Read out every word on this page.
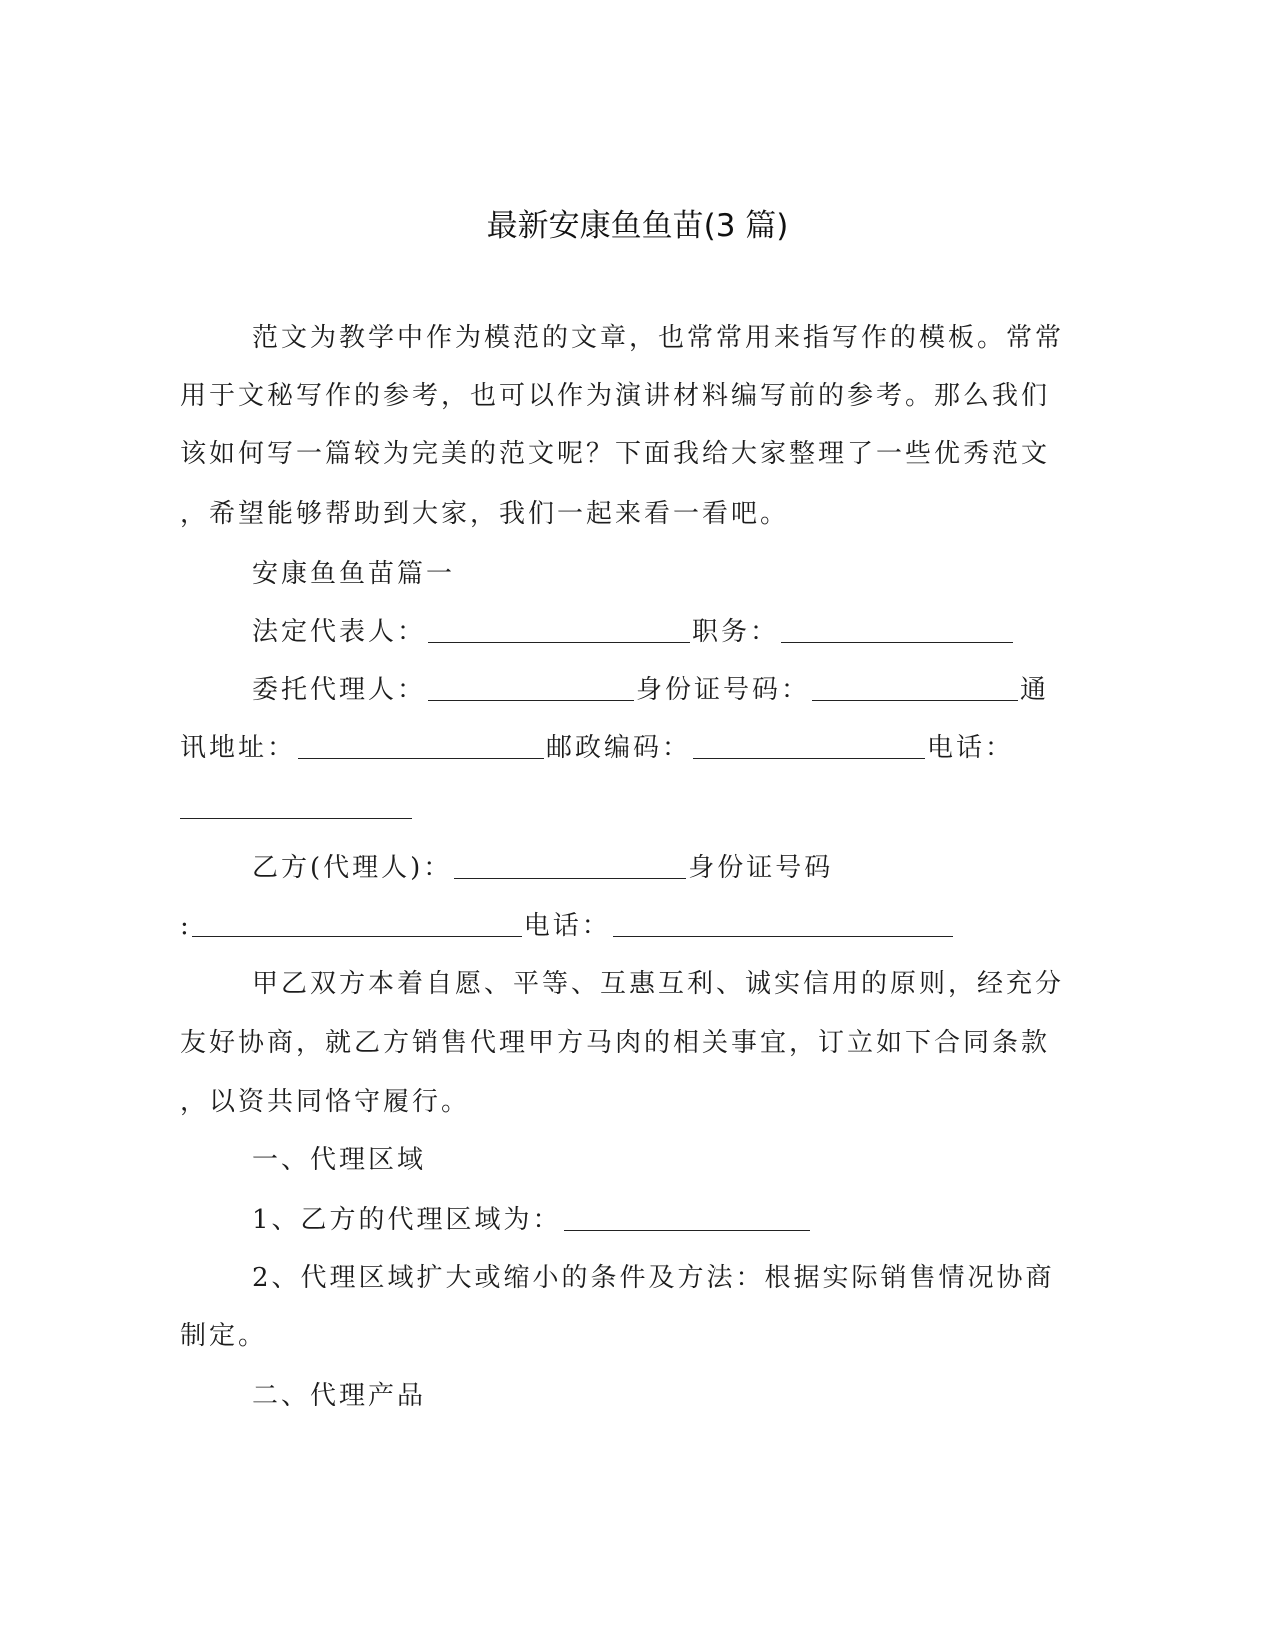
最新安康鱼鱼苗(3 篇)
范文为教学中作为模范的文章，也常常用来指写作的模板。常常
用于文秘写作的参考，也可以作为演讲材料编写前的参考。那么我们
该如何写一篇较为完美的范文呢？下面我给大家整理了一些优秀范文
，希望能够帮助到大家，我们一起来看一看吧。
安康鱼鱼苗篇一
法定代表人：	职务：
委托代理人：	身份证号码：	通
讯地址：	邮政编码：	电话：
乙方(代理人)：	身份证号码
:	电话：
甲乙双方本着自愿、平等、互惠互利、诚实信用的原则，经充分
友好协商，就乙方销售代理甲方马肉的相关事宜，订立如下合同条款
，以资共同恪守履行。
一、代理区域
1、乙方的代理区域为：
2、代理区域扩大或缩小的条件及方法：根据实际销售情况协商
制定。
二、代理产品
